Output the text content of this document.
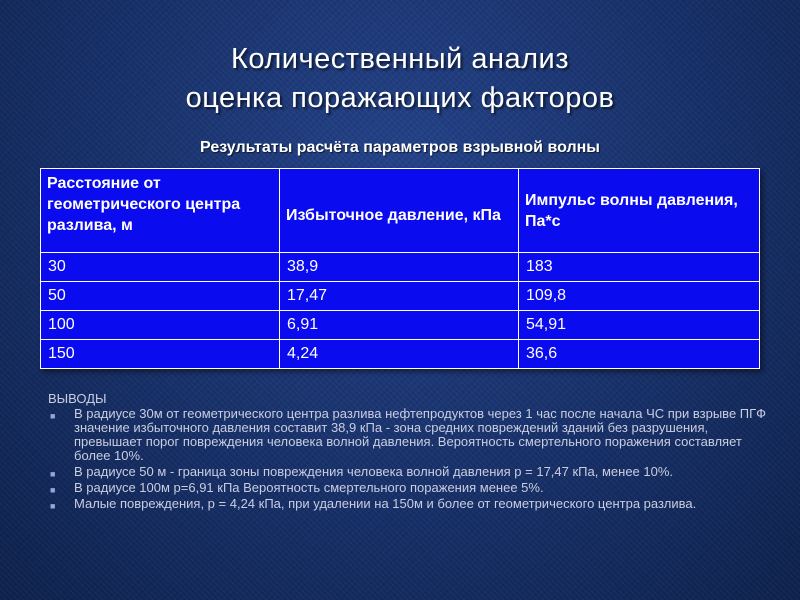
Количественный анализ
оценка поражающих факторов
Результаты расчёта параметров взрывной волны
Расстояние от геометрического центра разлива, м	Избыточное давление, кПа	Импульс волны давления, Па*с
30	38,9	183
50	17,47	109,8
100	6,91	54,91
150	4,24	36,6
ВЫВОДЫ
■ В радиусе 30м от геометрического центра разлива нефтепродуктов через 1 час после начала ЧС при взрыве ПГФ значение избыточного давления составит 38,9 кПа - зона средних повреждений зданий без разрушения, превышает порог повреждения человека волной давления. Вероятность смертельного поражения составляет более 10%.
■ В радиусе 50 м - граница зоны повреждения человека волной давления р = 17,47 кПа, менее 10%.
■ В радиусе 100м р=6,91 кПа Вероятность смертельного поражения менее 5%.
■ Малые повреждения, р = 4,24 кПа, при удалении на 150м и более от геометрического центра разлива.
